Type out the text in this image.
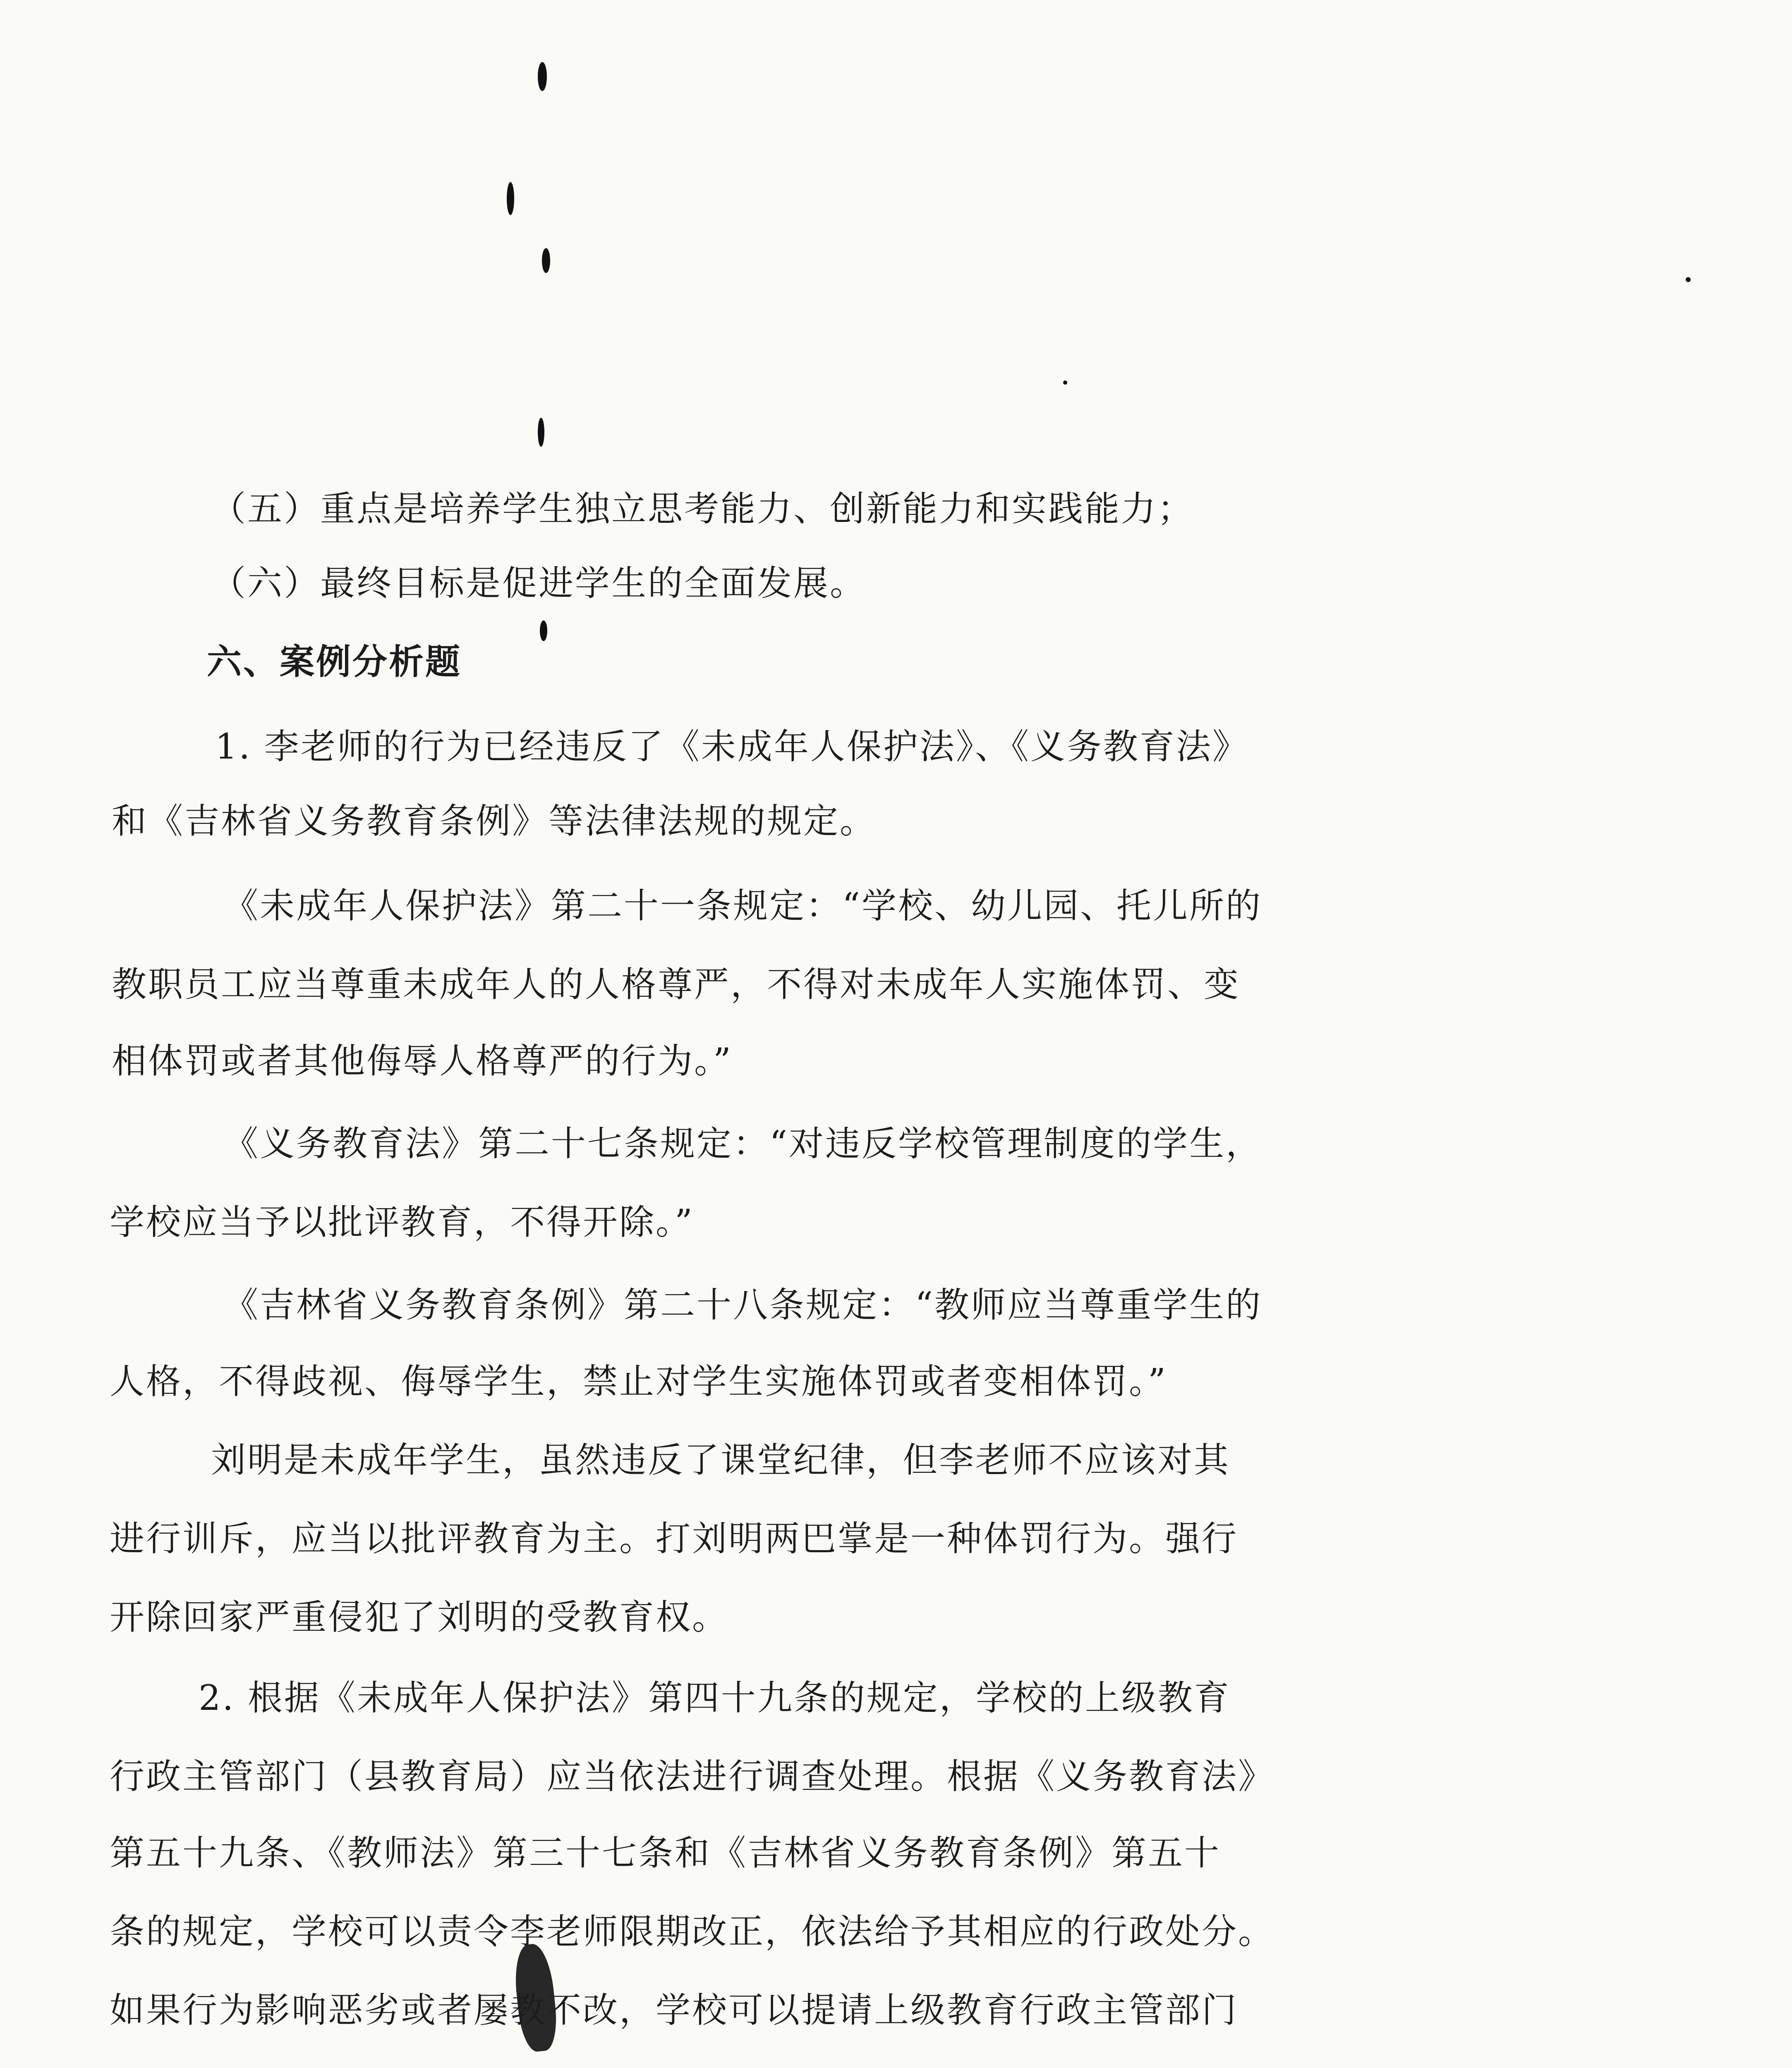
（五）重点是培养学生独立思考能力、创新能力和实践能力；
（六）最终目标是促进学生的全面发展。
六、案例分析题
1. 李老师的行为已经违反了《未成年人保护法》、《义务教育法》
和《吉林省义务教育条例》等法律法规的规定。
《未成年人保护法》第二十一条规定：“学校、幼儿园、托儿所的
教职员工应当尊重未成年人的人格尊严，不得对未成年人实施体罚、变
相体罚或者其他侮辱人格尊严的行为。”
《义务教育法》第二十七条规定：“对违反学校管理制度的学生，
学校应当予以批评教育，不得开除。”
《吉林省义务教育条例》第二十八条规定：“教师应当尊重学生的
人格，不得歧视、侮辱学生，禁止对学生实施体罚或者变相体罚。”
刘明是未成年学生，虽然违反了课堂纪律，但李老师不应该对其
进行训斥，应当以批评教育为主。打刘明两巴掌是一种体罚行为。强行
开除回家严重侵犯了刘明的受教育权。
2. 根据《未成年人保护法》第四十九条的规定，学校的上级教育
行政主管部门（县教育局）应当依法进行调查处理。根据《义务教育法》
第五十九条、《教师法》第三十七条和《吉林省义务教育条例》第五十
条的规定，学校可以责令李老师限期改正，依法给予其相应的行政处分。
如果行为影响恶劣或者屡教不改，学校可以提请上级教育行政主管部门
